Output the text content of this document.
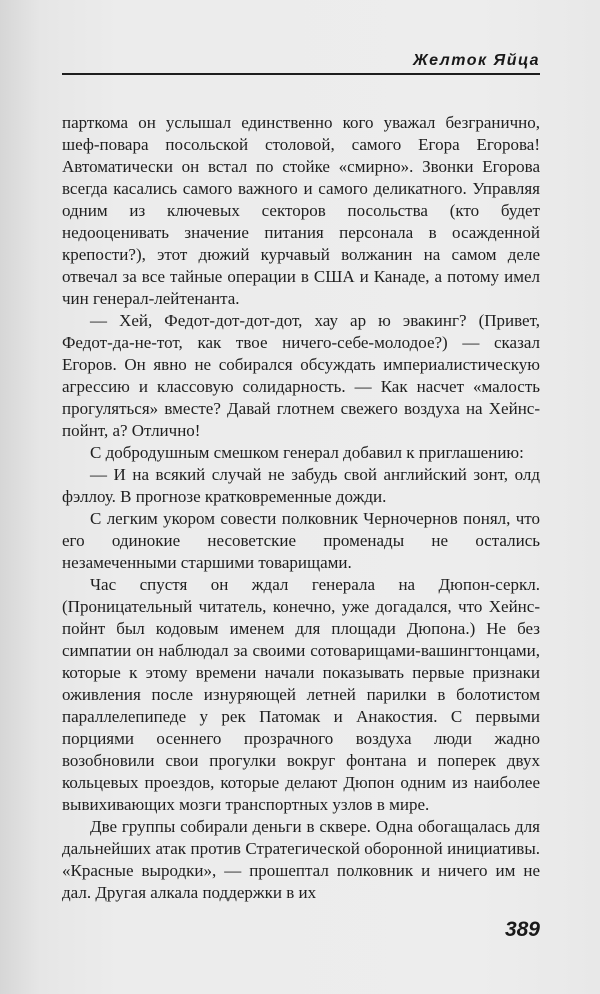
Желток Яйца

парткома он услышал единственно кого уважал безгранично, шеф-повара посольской столовой, самого Егора Егорова! Автоматически он встал по стойке «смирно». Звонки Егорова всегда касались самого важного и самого деликатного. Управляя одним из ключевых секторов посольства (кто будет недооценивать значение питания персонала в осажденной крепости?), этот дюжий курчавый волжанин на самом деле отвечал за все тайные операции в США и Канаде, а потому имел чин генерал-лейтенанта.

— Хей, Федот-дот-дот-дот, хау ар ю эвакинг? (Привет, Федот-да-не-тот, как твое ничего-себе-молодое?) — сказал Егоров. Он явно не собирался обсуждать империалистическую агрессию и классовую солидарность. — Как насчет «малость прогуляться» вместе? Давай глотнем свежего воздуха на Хейнс-пойнт, а? Отлично!

С добродушным смешком генерал добавил к приглашению:

— И на всякий случай не забудь свой английский зонт, олд фэллоу. В прогнозе кратковременные дожди.

С легким укором совести полковник Черночернов понял, что его одинокие несоветские променады не остались незамеченными старшими товарищами.

Час спустя он ждал генерала на Дюпон-серкл. (Проницательный читатель, конечно, уже догадался, что Хейнс-пойнт был кодовым именем для площади Дюпона.) Не без симпатии он наблюдал за своими сотоварищами-вашингтонцами, которые к этому времени начали показывать первые признаки оживления после изнуряющей летней парилки в болотистом параллелепипеде у рек Патомак и Анакостия. С первыми порциями осеннего прозрачного воздуха люди жадно возобновили свои прогулки вокруг фонтана и поперек двух кольцевых проездов, которые делают Дюпон одним из наиболее вывихивающих мозги транспортных узлов в мире.

Две группы собирали деньги в сквере. Одна обогащалась для дальнейших атак против Стратегической оборонной инициативы. «Красные выродки», — прошептал полковник и ничего им не дал. Другая алкала поддержки в их

389
